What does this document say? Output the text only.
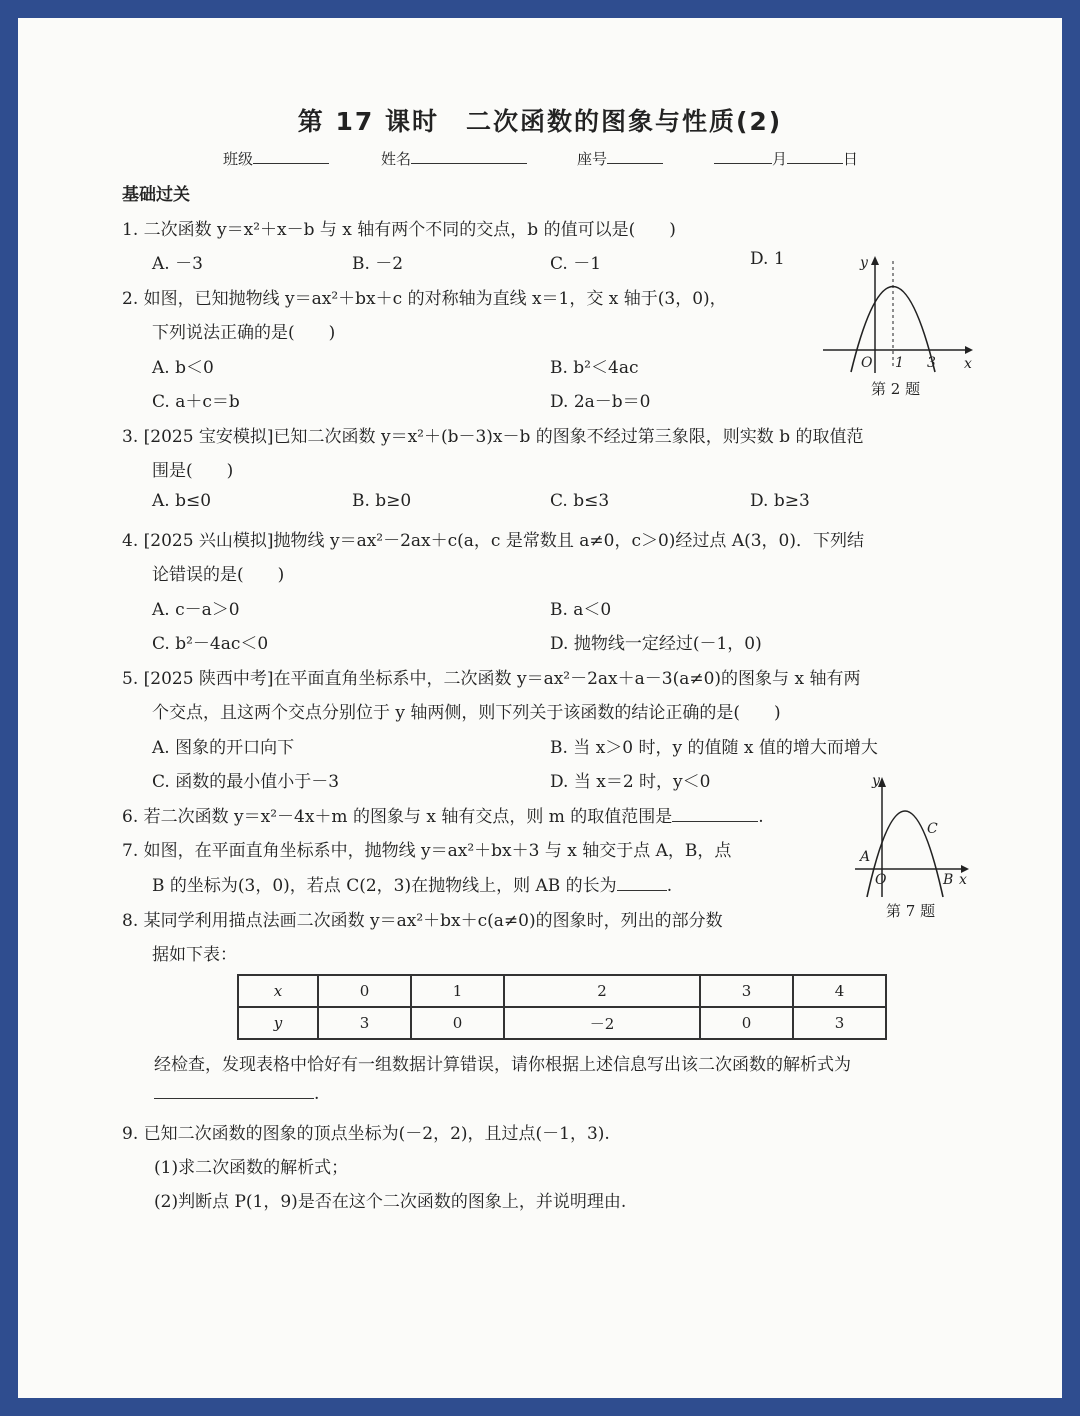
第 17 课时　二次函数的图象与性质(2)
班级	姓名	座号	月	日
基础过关
1. 二次函数 y＝x²＋x－b 与 x 轴有两个不同的交点，b 的值可以是(　　)
A. －3	B. －2	C. －1	D. 1
2. 如图，已知抛物线 y＝ax²＋bx＋c 的对称轴为直线 x＝1，交 x 轴于(3，0)，
下列说法正确的是(　　)
A. b＜0	B. b²＜4ac
C. a＋c＝b	D. 2a－b＝0
y
O 1 3 x
第 2 题
3. [2025 宝安模拟]已知二次函数 y＝x²＋(b－3)x－b 的图象不经过第三象限，则实数 b 的取值范
围是(　　)
A. b≤0	B. b≥0	C. b≤3	D. b≥3
4. [2025 兴山模拟]抛物线 y＝ax²－2ax＋c(a，c 是常数且 a≠0，c＞0)经过点 A(3，0)．下列结
论错误的是(　　)
A. c－a＞0	B. a＜0
C. b²－4ac＜0	D. 抛物线一定经过(－1，0)
5. [2025 陕西中考]在平面直角坐标系中，二次函数 y＝ax²－2ax＋a－3(a≠0)的图象与 x 轴有两
个交点，且这两个交点分别位于 y 轴两侧，则下列关于该函数的结论正确的是(　　)
A. 图象的开口向下	B. 当 x＞0 时，y 的值随 x 值的增大而增大
C. 函数的最小值小于－3	D. 当 x＝2 时，y＜0
6. 若二次函数 y＝x²－4x＋m 的图象与 x 轴有交点，则 m 的取值范围是	.
7. 如图，在平面直角坐标系中，抛物线 y＝ax²＋bx＋3 与 x 轴交于点 A，B，点
B 的坐标为(3，0)，若点 C(2，3)在抛物线上，则 AB 的长为	.
y
C
A
O	B x
第 7 题
8. 某同学利用描点法画二次函数 y＝ax²＋bx＋c(a≠0)的图象时，列出的部分数
据如下表：
x	0	1	2	3	4
y	3	0	－2	0	3
经检查，发现表格中恰好有一组数据计算错误，请你根据上述信息写出该二次函数的解析式为
.
9. 已知二次函数的图象的顶点坐标为(－2，2)，且过点(－1，3).
(1)求二次函数的解析式；
(2)判断点 P(1，9)是否在这个二次函数的图象上，并说明理由.
